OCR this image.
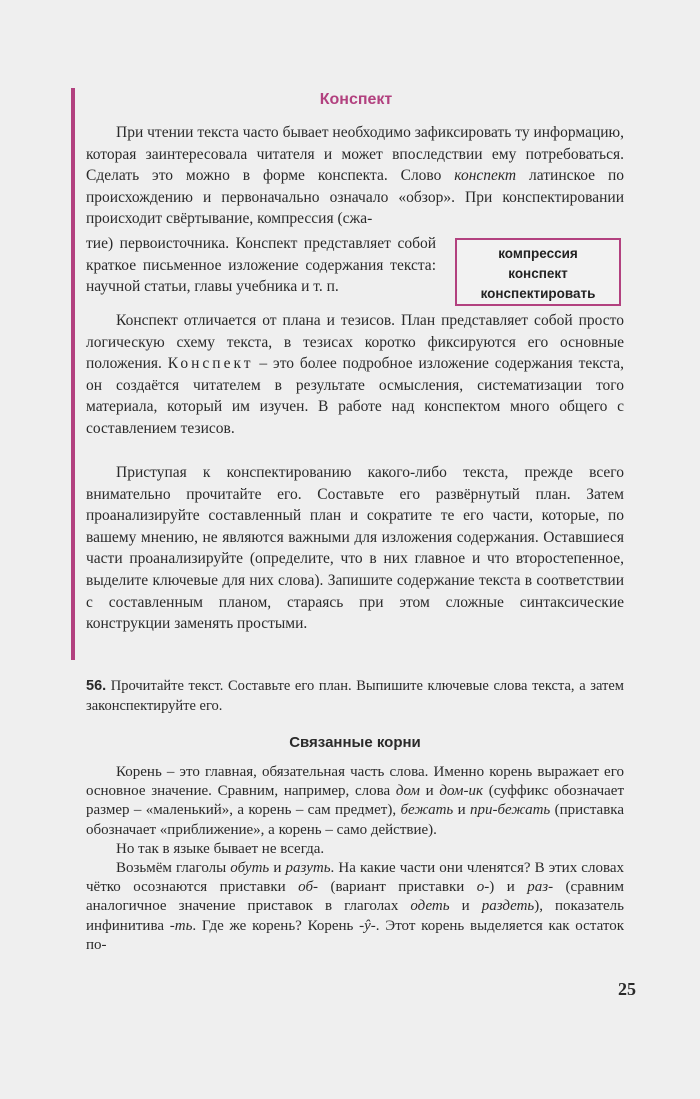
Конспект

При чтении текста часто бывает необходимо зафиксировать ту информацию, которая заинтересовала читателя и может впоследствии ему потребоваться. Сделать это можно в форме конспекта. Слово конспект латинское по происхождению и первоначально означало «обзор». При конспектировании происходит свёртывание, компрессия (сжа-

тие) первоисточника. Конспект представляет собой краткое письменное изложение содержания текста: научной статьи, главы учебника и т. п.

компрессия
конспект
конспектировать

Конспект отличается от плана и тезисов. План представляет собой просто логическую схему текста, в тезисах коротко фиксируются его основные положения. Конспект – это более подробное изложение содержания текста, он создаётся читателем в результате осмысления, систематизации того материала, который им изучен. В работе над конспектом много общего с составлением тезисов.

Приступая к конспектированию какого-либо текста, прежде всего внимательно прочитайте его. Составьте его развёрнутый план. Затем проанализируйте составленный план и сократите те его части, которые, по вашему мнению, не являются важными для изложения содержания. Оставшиеся части проанализируйте (определите, что в них главное и что второстепенное, выделите ключевые для них слова). Запишите содержание текста в соответствии с составленным планом, стараясь при этом сложные синтаксические конструкции заменять простыми.

56. Прочитайте текст. Составьте его план. Выпишите ключевые слова текста, а затем законспектируйте его.
Связанные корни

Корень – это главная, обязательная часть слова. Именно корень выражает его основное значение. Сравним, например, слова дом и дом-ик (суффикс обозначает размер – «маленький», а корень – сам предмет), бежать и при-бежать (приставка обозначает «приближение», а корень – само действие).

Но так в языке бывает не всегда.

Возьмём глаголы обуть и разуть. На какие части они членятся? В этих словах чётко осознаются приставки об- (вариант приставки о-) и раз- (сравним аналогичное значение приставок в глаголах одеть и раздеть), показатель инфинитива -ть. Где же корень? Корень -ŷ-. Этот корень выделяется как остаток по-

25
